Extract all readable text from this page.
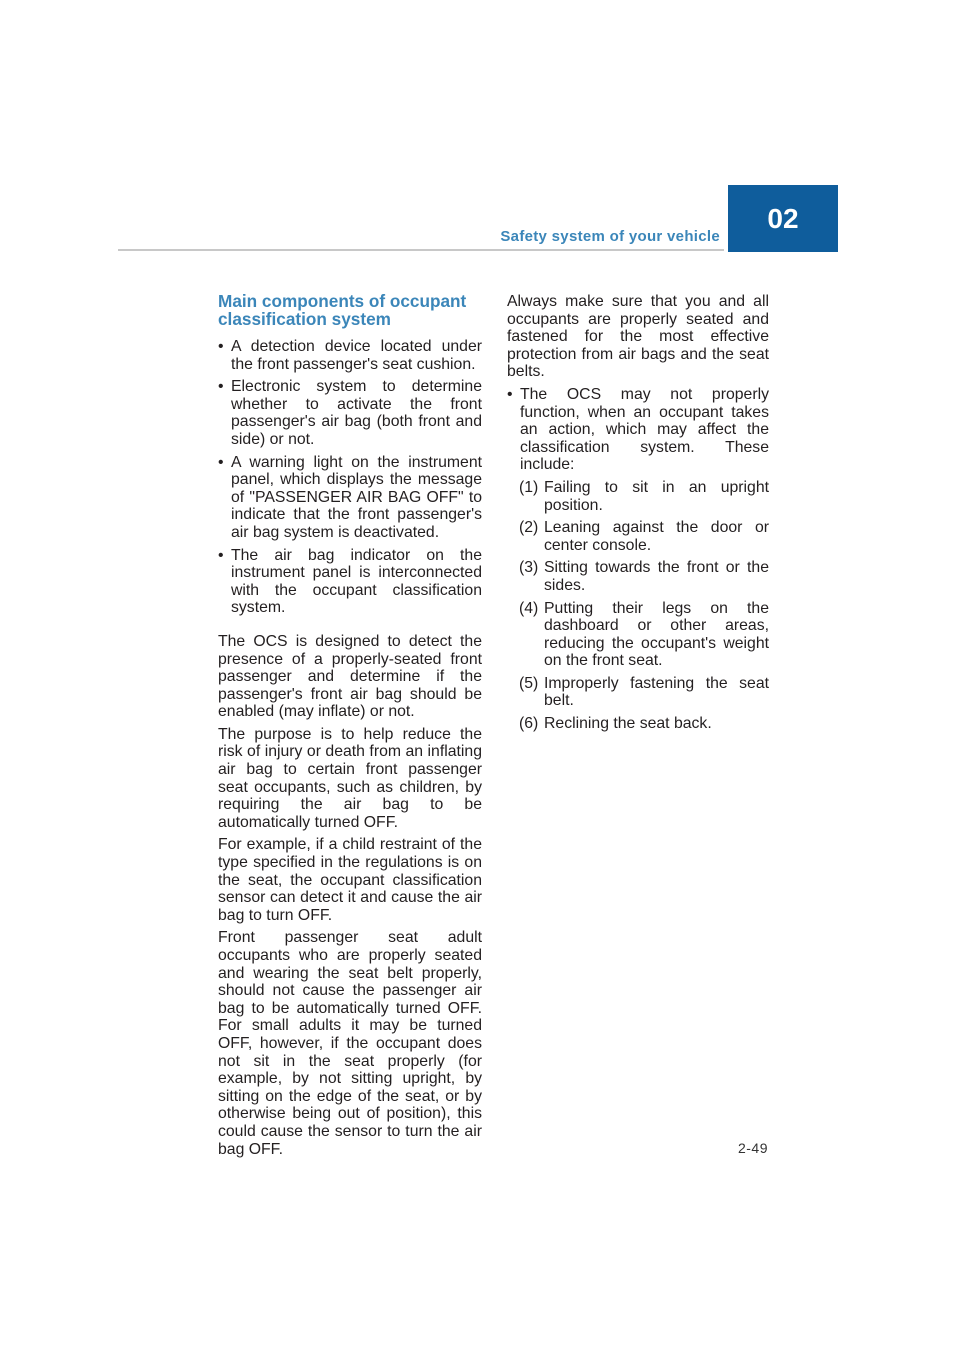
Safety system of your vehicle
02
Main components of occupant classification system
• A detection device located under the front passenger's seat cushion.
• Electronic system to determine whether to activate the front passenger's air bag (both front and side) or not.
• A warning light on the instrument panel, which displays the message of "PASSENGER AIR BAG OFF" to indicate that the front passenger's air bag system is deactivated.
• The air bag indicator on the instrument panel is interconnected with the occupant classification system.

The OCS is designed to detect the presence of a properly-seated front passenger and determine if the passenger's front air bag should be enabled (may inflate) or not.

The purpose is to help reduce the risk of injury or death from an inflating air bag to certain front passenger seat occupants, such as children, by requiring the air bag to be automatically turned OFF.

For example, if a child restraint of the type specified in the regulations is on the seat, the occupant classification sensor can detect it and cause the air bag to turn OFF.

Front passenger seat adult occupants who are properly seated and wearing the seat belt properly, should not cause the passenger air bag to be automatically turned OFF. For small adults it may be turned OFF, however, if the occupant does not sit in the seat properly (for example, by not sitting upright, by sitting on the edge of the seat, or by otherwise being out of position), this could cause the sensor to turn the air bag OFF.

Always make sure that you and all occupants are properly seated and fastened for the most effective protection from air bags and the seat belts.

• The OCS may not properly function, when an occupant takes an action, which may affect the classification system. These include:
(1) Failing to sit in an upright position.
(2) Leaning against the door or center console.
(3) Sitting towards the front or the sides.
(4) Putting their legs on the dashboard or other areas, reducing the occupant's weight on the front seat.
(5) Improperly fastening the seat belt.
(6) Reclining the seat back.
2-49
